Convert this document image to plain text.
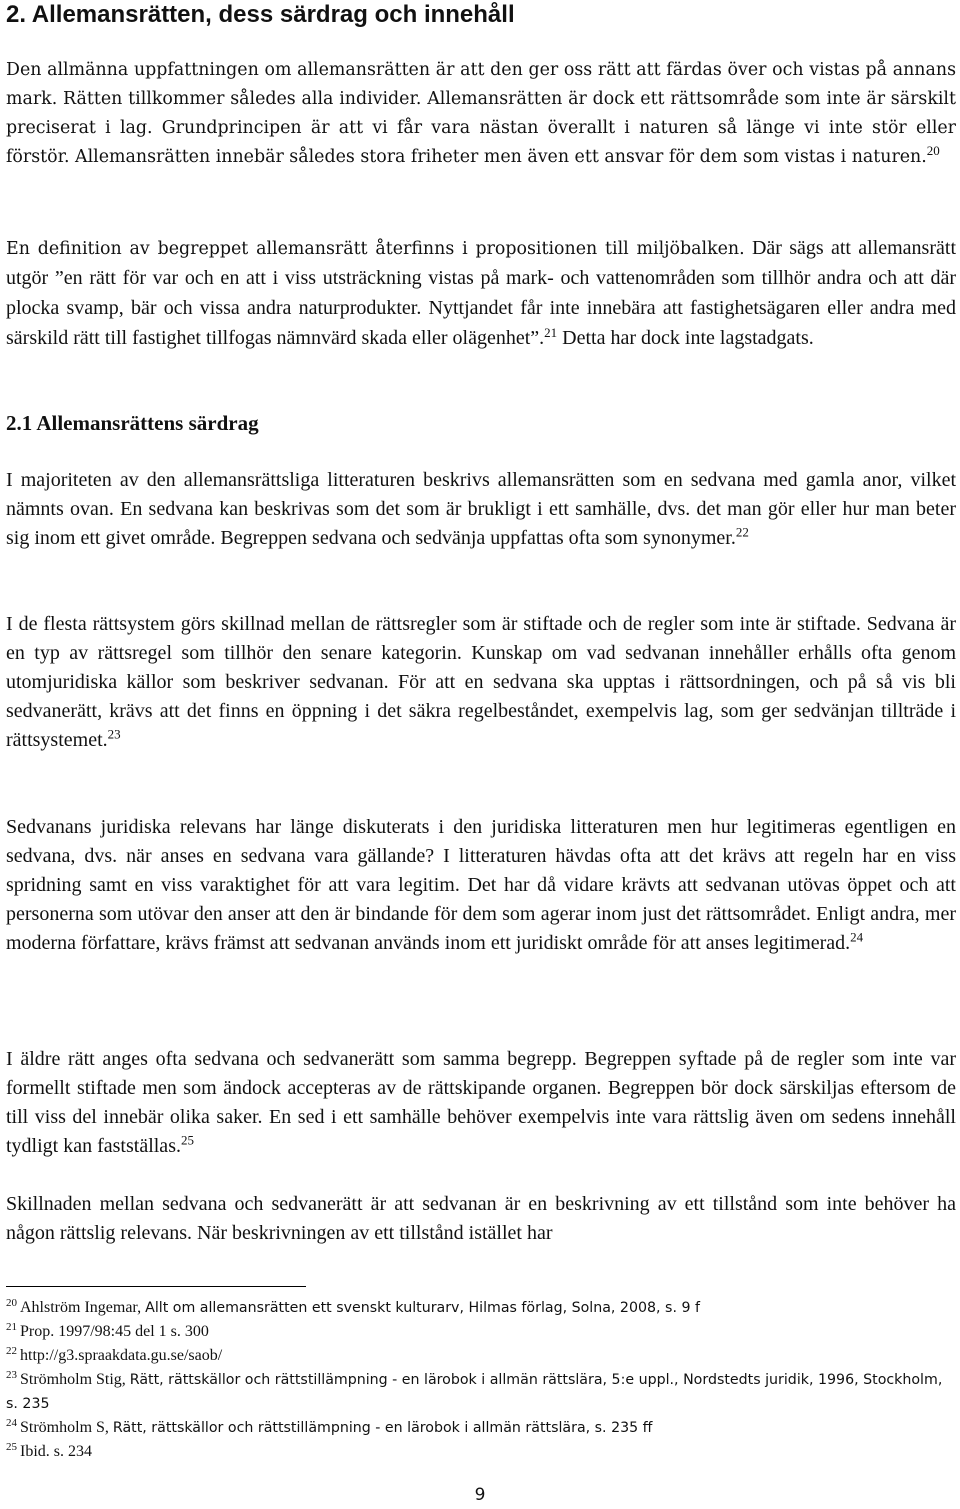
2. Allemansrätten, dess särdrag och innehåll

Den allmänna uppfattningen om allemansrätten är att den ger oss rätt att färdas över och vistas på annans mark. Rätten tillkommer således alla individer. Allemansrätten är dock ett rättsområde som inte är särskilt preciserat i lag. Grundprincipen är att vi får vara nästan överallt i naturen så länge vi inte stör eller förstör. Allemansrätten innebär således stora friheter men även ett ansvar för dem som vistas i naturen.$^{20}$

En definition av begreppet allemansrätt återfinns i propositionen till miljöbalken. Där sägs att allemansrätt utgör ”en rätt för var och en att i viss utsträckning vistas på mark- och vattenområden som tillhör andra och att där plocka svamp, bär och vissa andra naturprodukter. Nyttjandet får inte innebära att fastighetsägaren eller andra med särskild rätt till fastighet tillfogas nämnvärd skada eller olägenhet”.$^{21}$ Detta har dock inte lagstadgats.

2.1 Allemansrättens särdrag

I majoriteten av den allemansrättsliga litteraturen beskrivs allemansrätten som en sedvana med gamla anor, vilket nämnts ovan. En sedvana kan beskrivas som det som är brukligt i ett samhälle, dvs. det man gör eller hur man beter sig inom ett givet område. Begreppen sedvana och sedvänja uppfattas ofta som synonymer.$^{22}$

I de flesta rättsystem görs skillnad mellan de rättsregler som är stiftade och de regler som inte är stiftade. Sedvana är en typ av rättsregel som tillhör den senare kategorin. Kunskap om vad sedvanan innehåller erhålls ofta genom utomjuridiska källor som beskriver sedvanan. För att en sedvana ska upptas i rättsordningen, och på så vis bli sedvanerätt, krävs att det finns en öppning i det säkra regelbeståndet, exempelvis lag, som ger sedvänjan tillträde i rättsystemet.$^{23}$

Sedvanans juridiska relevans har länge diskuterats i den juridiska litteraturen men hur legitimeras egentligen en sedvana, dvs. när anses en sedvana vara gällande? I litteraturen hävdas ofta att det krävs att regeln har en viss spridning samt en viss varaktighet för att vara legitim. Det har då vidare krävts att sedvanan utövas öppet och att personerna som utövar den anser att den är bindande för dem som agerar inom just det rättsområdet. Enligt andra, mer moderna författare, krävs främst att sedvanan används inom ett juridiskt område för att anses legitimerad.$^{24}$

I äldre rätt anges ofta sedvana och sedvanerätt som samma begrepp. Begreppen syftade på de regler som inte var formellt stiftade men som ändock accepteras av de rättskipande organen. Begreppen bör dock särskiljas eftersom de till viss del innebär olika saker. En sed i ett samhälle behöver exempelvis inte vara rättslig även om sedens innehåll tydligt kan fastställas.$^{25}$

Skillnaden mellan sedvana och sedvanerätt är att sedvanan är en beskrivning av ett tillstånd som inte behöver ha någon rättslig relevans. När beskrivningen av ett tillstånd istället har

$^{20}$ Ahlström Ingemar, Allt om allemansrätten ett svenskt kulturarv, Hilmas förlag, Solna, 2008, s. 9 f

$^{21}$ Prop. 1997/98:45 del 1 s. 300

$^{22}$ http://g3.spraakdata.gu.se/saob/

$^{23}$ Strömholm Stig, Rätt, rättskällor och rättstillämpning - en lärobok i allmän rättslära, 5:e uppl., Nordstedts juridik, 1996, Stockholm, s. 235

$^{24}$ Strömholm S, Rätt, rättskällor och rättstillämpning - en lärobok i allmän rättslära, s. 235 ff

$^{25}$ Ibid. s. 234

9
